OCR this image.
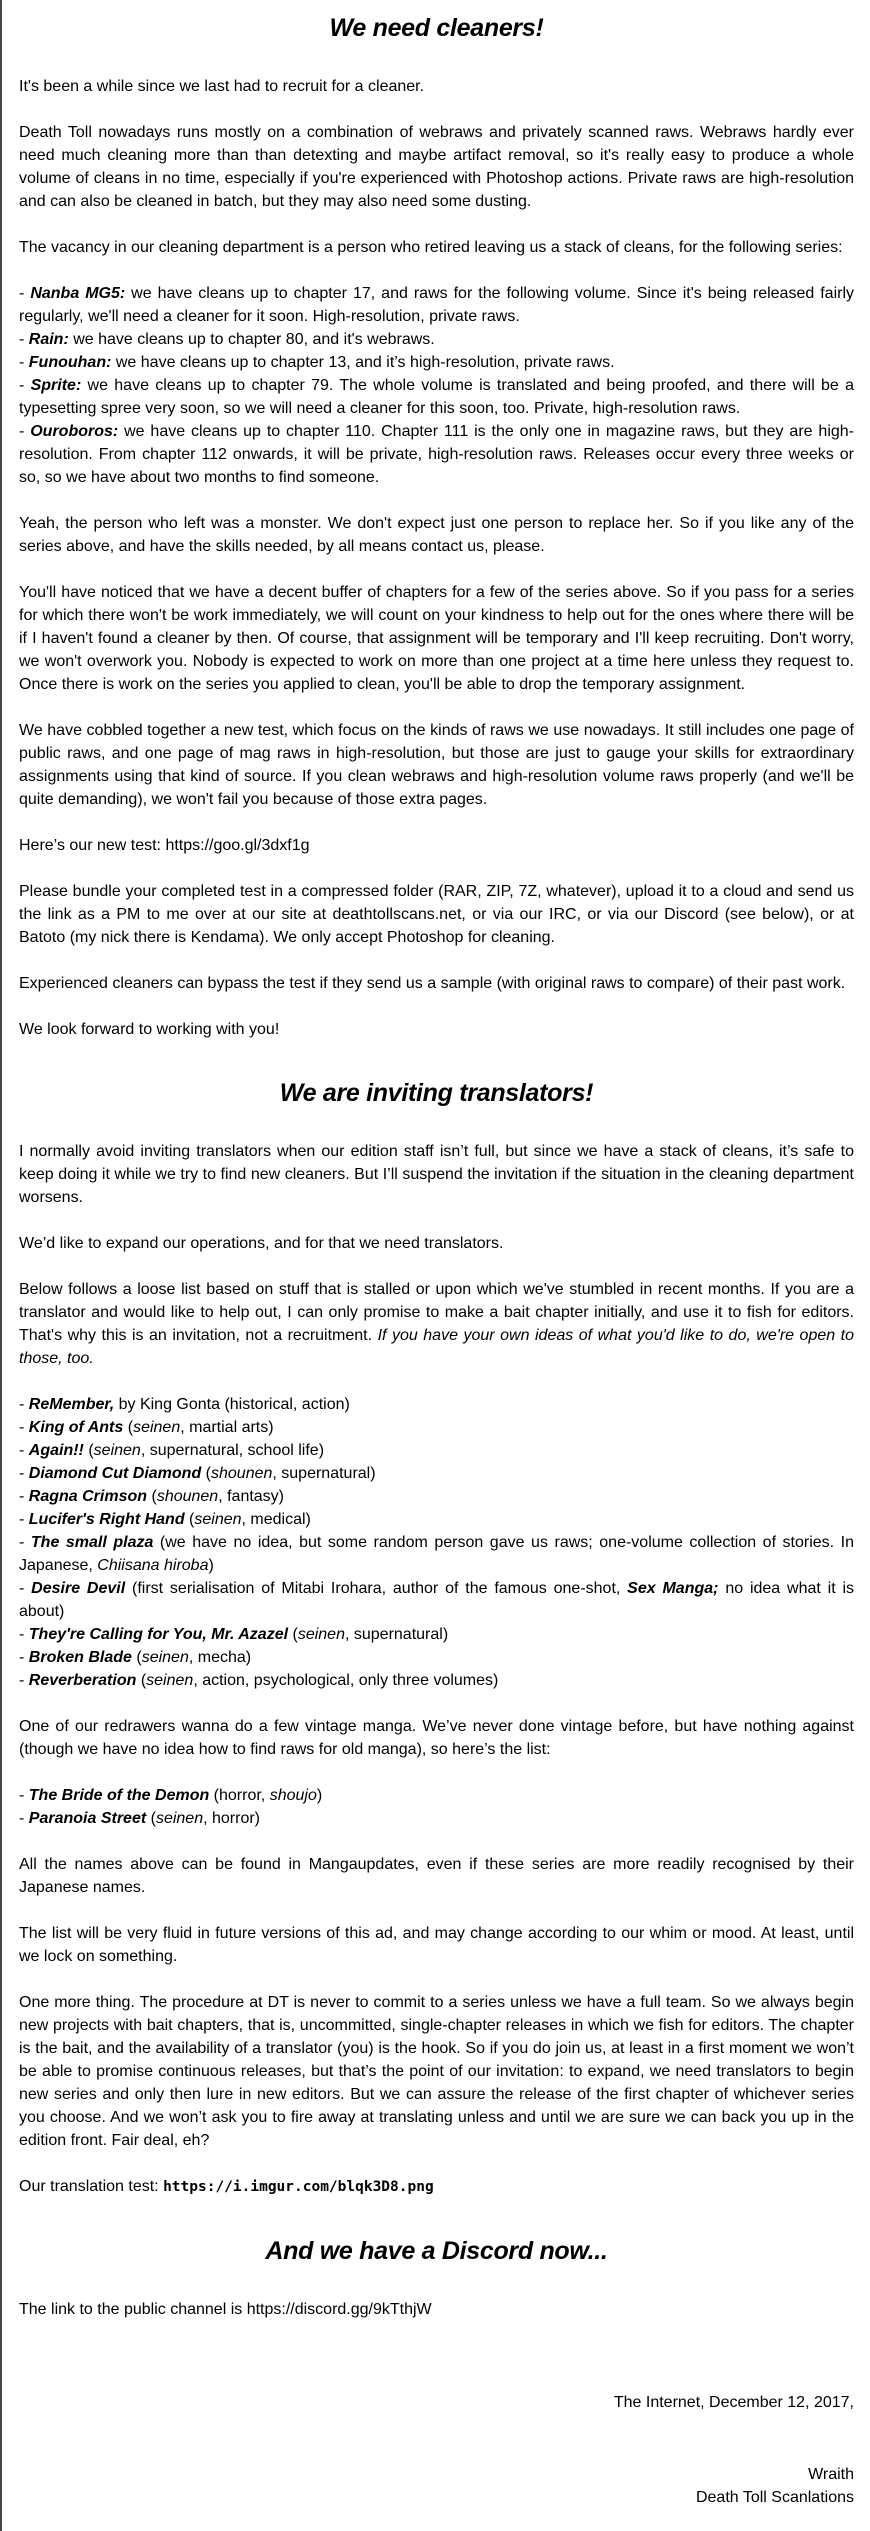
We need cleaners!

It's been a while since we last had to recruit for a cleaner.

Death Toll nowadays runs mostly on a combination of webraws and privately scanned raws. Webraws hardly ever need much cleaning more than than detexting and maybe artifact removal, so it's really easy to produce a whole volume of cleans in no time, especially if you're experienced with Photoshop actions. Private raws are high-resolution and can also be cleaned in batch, but they may also need some dusting.

The vacancy in our cleaning department is a person who retired leaving us a stack of cleans, for the following series:

- Nanba MG5: we have cleans up to chapter 17, and raws for the following volume. Since it's being released fairly regularly, we'll need a cleaner for it soon. High-resolution, private raws.
- Rain: we have cleans up to chapter 80, and it's webraws.
- Funouhan: we have cleans up to chapter 13, and it’s high-resolution, private raws.
- Sprite: we have cleans up to chapter 79. The whole volume is translated and being proofed, and there will be a typesetting spree very soon, so we will need a cleaner for this soon, too. Private, high-resolution raws.
- Ouroboros: we have cleans up to chapter 110. Chapter 111 is the only one in magazine raws, but they are high-resolution. From chapter 112 onwards, it will be private, high-resolution raws. Releases occur every three weeks or so, so we have about two months to find someone.

Yeah, the person who left was a monster. We don't expect just one person to replace her. So if you like any of the series above, and have the skills needed, by all means contact us, please.

You'll have noticed that we have a decent buffer of chapters for a few of the series above. So if you pass for a series for which there won't be work immediately, we will count on your kindness to help out for the ones where there will be if I haven't found a cleaner by then. Of course, that assignment will be temporary and I'll keep recruiting. Don't worry, we won't overwork you. Nobody is expected to work on more than one project at a time here unless they request to. Once there is work on the series you applied to clean, you'll be able to drop the temporary assignment.

We have cobbled together a new test, which focus on the kinds of raws we use nowadays. It still includes one page of public raws, and one page of mag raws in high-resolution, but those are just to gauge your skills for extraordinary assignments using that kind of source. If you clean webraws and high-resolution volume raws properly (and we'll be quite demanding), we won't fail you because of those extra pages.

Here’s our new test: https://goo.gl/3dxf1g

Please bundle your completed test in a compressed folder (RAR, ZIP, 7Z, whatever), upload it to a cloud and send us the link as a PM to me over at our site at deathtollscans.net, or via our IRC, or via our Discord (see below), or at Batoto (my nick there is Kendama). We only accept Photoshop for cleaning.

Experienced cleaners can bypass the test if they send us a sample (with original raws to compare) of their past work.

We look forward to working with you!

We are inviting translators!

I normally avoid inviting translators when our edition staff isn’t full, but since we have a stack of cleans, it’s safe to keep doing it while we try to find new cleaners. But I’ll suspend the invitation if the situation in the cleaning department worsens.

We’d like to expand our operations, and for that we need translators.

Below follows a loose list based on stuff that is stalled or upon which we've stumbled in recent months. If you are a translator and would like to help out, I can only promise to make a bait chapter initially, and use it to fish for editors. That's why this is an invitation, not a recruitment. If you have your own ideas of what you'd like to do, we're open to those, too.

- ReMember, by King Gonta (historical, action)
- King of Ants (seinen, martial arts)
- Again!! (seinen, supernatural, school life)
- Diamond Cut Diamond (shounen, supernatural)
- Ragna Crimson (shounen, fantasy)
- Lucifer's Right Hand (seinen, medical)
- The small plaza (we have no idea, but some random person gave us raws; one-volume collection of stories. In Japanese, Chiisana hiroba)
- Desire Devil (first serialisation of Mitabi Irohara, author of the famous one-shot, Sex Manga; no idea what it is about)
- They're Calling for You, Mr. Azazel (seinen, supernatural)
- Broken Blade (seinen, mecha)
- Reverberation (seinen, action, psychological, only three volumes)

One of our redrawers wanna do a few vintage manga. We’ve never done vintage before, but have nothing against (though we have no idea how to find raws for old manga), so here’s the list:

- The Bride of the Demon (horror, shoujo)
- Paranoia Street (seinen, horror)

All the names above can be found in Mangaupdates, even if these series are more readily recognised by their Japanese names.

The list will be very fluid in future versions of this ad, and may change according to our whim or mood. At least, until we lock on something.

One more thing. The procedure at DT is never to commit to a series unless we have a full team. So we always begin new projects with bait chapters, that is, uncommitted, single-chapter releases in which we fish for editors. The chapter is the bait, and the availability of a translator (you) is the hook. So if you do join us, at least in a first moment we won’t be able to promise continuous releases, but that’s the point of our invitation: to expand, we need translators to begin new series and only then lure in new editors. But we can assure the release of the first chapter of whichever series you choose. And we won’t ask you to fire away at translating unless and until we are sure we can back you up in the edition front. Fair deal, eh?

Our translation test: https://i.imgur.com/blqk3D8.png

And we have a Discord now...

The link to the public channel is https://discord.gg/9kTthjW

The Internet, December 12, 2017,
Wraith
Death Toll Scanlations
